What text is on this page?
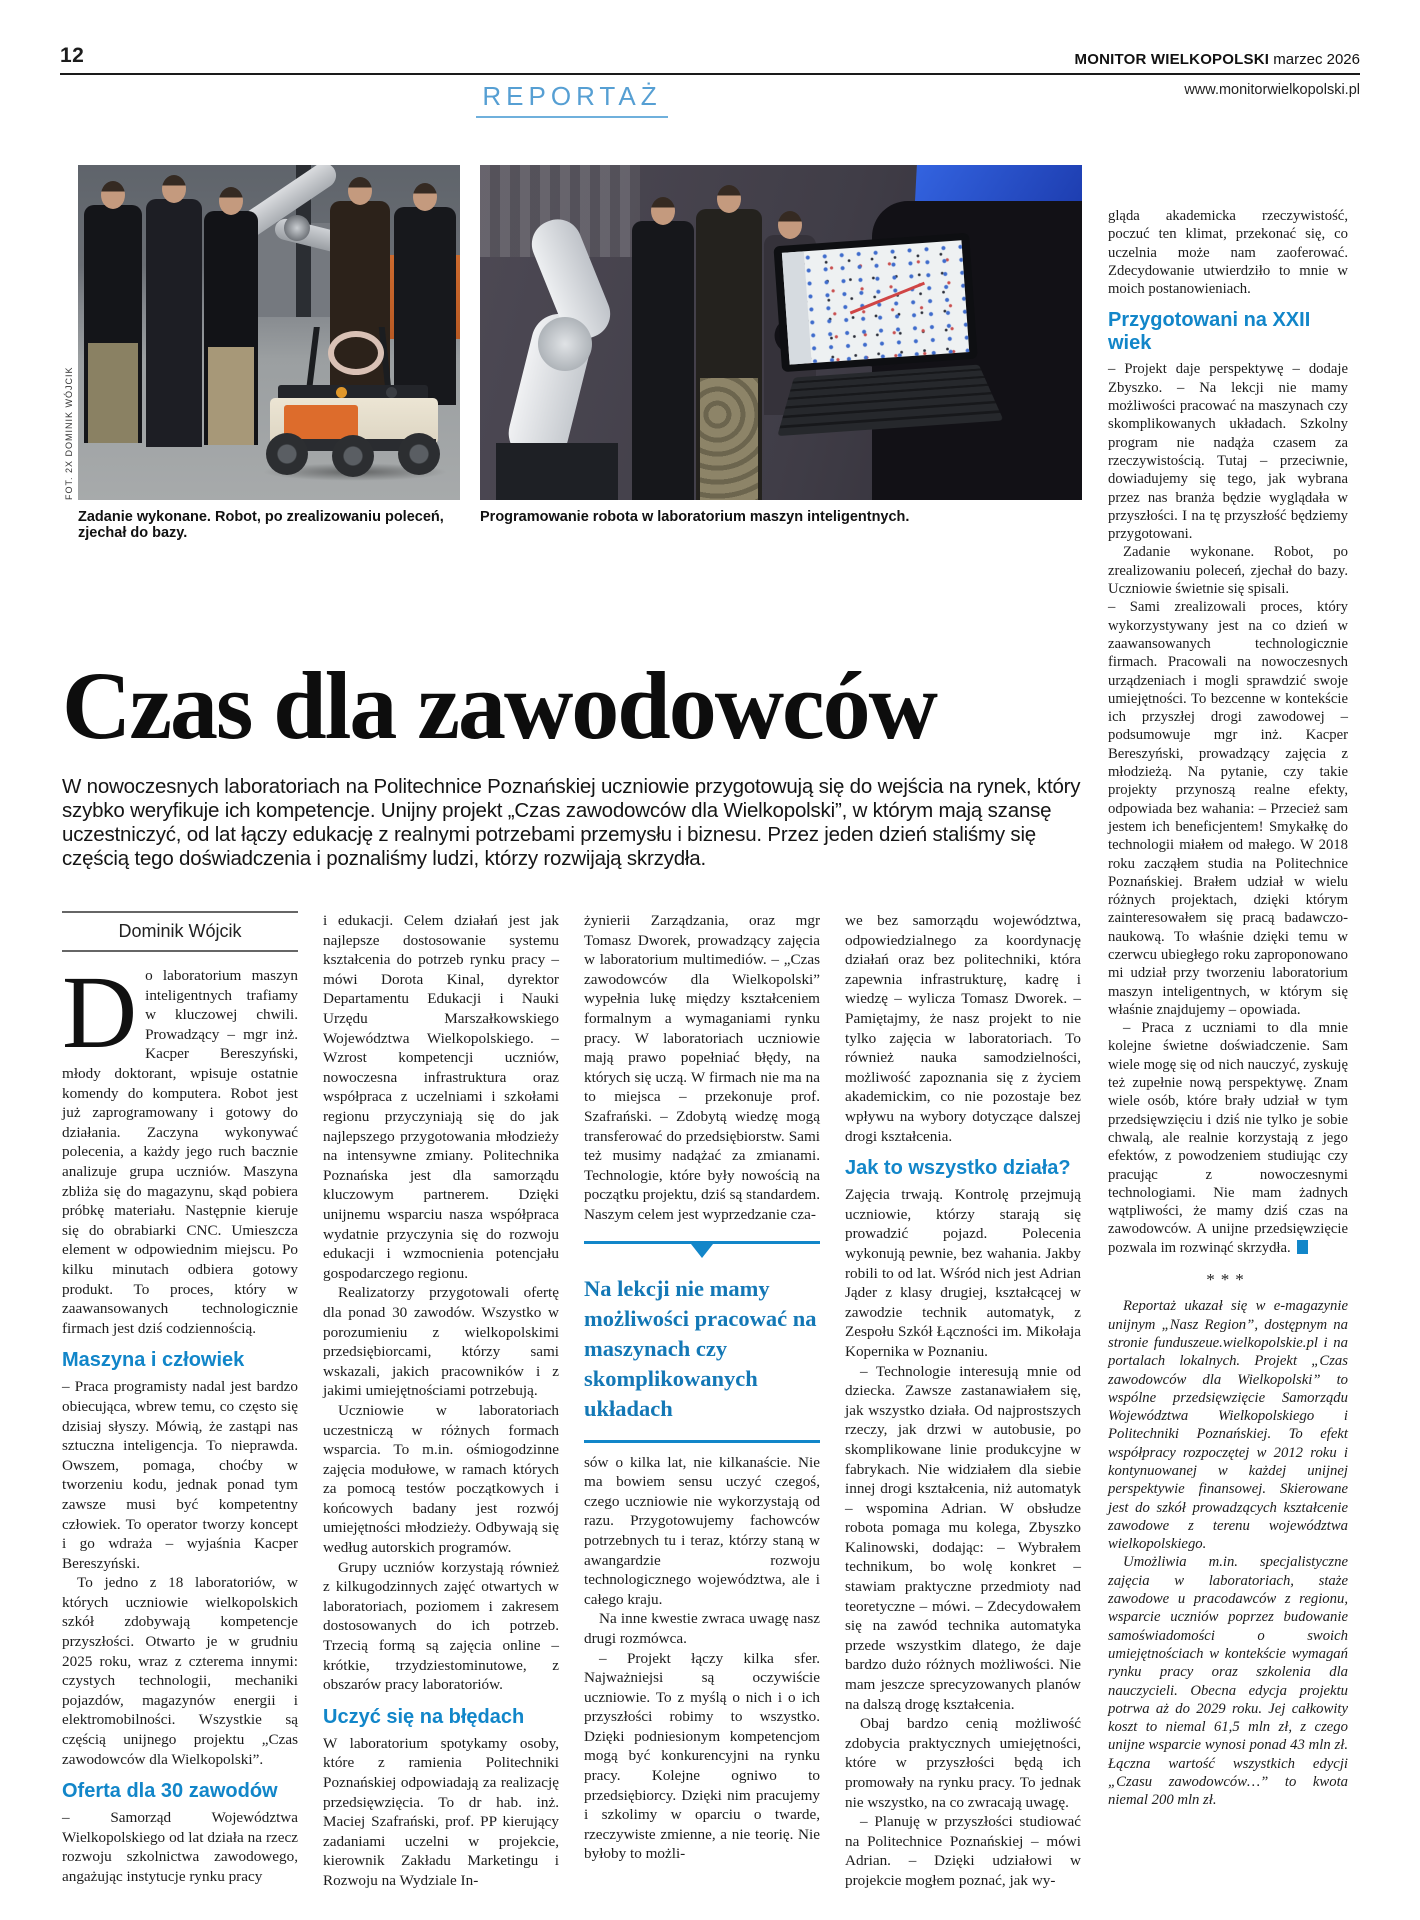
12	MONITOR WIELKOPOLSKI marzec 2026
REPORTAŻ	www.monitorwielkopolski.pl
FOT. 2X DOMINIK WÓJCIK
Zadanie wykonane. Robot, po zrealizowaniu poleceń, zjechał do bazy.
Programowanie robota w laboratorium maszyn inteligentnych.
Czas dla zawodowców

W nowoczesnych laboratoriach na Politechnice Poznańskiej uczniowie przygotowują się do wejścia na rynek, który szybko weryfikuje ich kompetencje. Unijny projekt „Czas zawodowców dla Wielkopolski”, w którym mają szansę uczestniczyć, od lat łączy edukację z realnymi potrzebami przemysłu i biznesu. Przez jeden dzień staliśmy się częścią tego doświadczenia i poznaliśmy ludzi, którzy rozwijają skrzydła.

Dominik Wójcik

Do laboratorium maszyn inteligentnych trafiamy w kluczowej chwili. Prowadzący – mgr inż. Kacper Bereszyński, młody doktorant, wpisuje ostatnie komendy do komputera. Robot jest już zaprogramowany i gotowy do działania. Zaczyna wykonywać polecenia, a każdy jego ruch bacznie analizuje grupa uczniów. Maszyna zbliża się do magazynu, skąd pobiera próbkę materiału. Następnie kieruje się do obrabiarki CNC. Umieszcza element w odpowiednim miejscu. Po kilku minutach odbiera gotowy produkt. To proces, który w zaawansowanych technologicznie firmach jest dziś codziennością.

Maszyna i człowiek

– Praca programisty nadal jest bardzo obiecująca, wbrew temu, co często się dzisiaj słyszy. Mówią, że zastąpi nas sztuczna inteligencja. To nieprawda. Owszem, pomaga, choćby w tworzeniu kodu, jednak ponad tym zawsze musi być kompetentny człowiek. To operator tworzy koncept i go wdraża – wyjaśnia Kacper Bereszyński.

To jedno z 18 laboratoriów, w których uczniowie wielkopolskich szkół zdobywają kompetencje przyszłości. Otwarto je w grudniu 2025 roku, wraz z czterema innymi: czystych technologii, mechaniki pojazdów, magazynów energii i elektromobilności. Wszystkie są częścią unijnego projektu „Czas zawodowców dla Wielkopolski”.

Oferta dla 30 zawodów

– Samorząd Województwa Wielkopolskiego od lat działa na rzecz rozwoju szkolnictwa zawodowego, angażując instytucje rynku pracy

i edukacji. Celem działań jest jak najlepsze dostosowanie systemu kształcenia do potrzeb rynku pracy – mówi Dorota Kinal, dyrektor Departamentu Edukacji i Nauki Urzędu Marszałkowskiego Województwa Wielkopolskiego. – Wzrost kompetencji uczniów, nowoczesna infrastruktura oraz współpraca z uczelniami i szkołami regionu przyczyniają się do jak najlepszego przygotowania młodzieży na intensywne zmiany. Politechnika Poznańska jest dla samorządu kluczowym partnerem. Dzięki unijnemu wsparciu nasza współpraca wydatnie przyczynia się do rozwoju edukacji i wzmocnienia potencjału gospodarczego regionu.

Realizatorzy przygotowali ofertę dla ponad 30 zawodów. Wszystko w porozumieniu z wielkopolskimi przedsiębiorcami, którzy sami wskazali, jakich pracowników i z jakimi umiejętnościami potrzebują.

Uczniowie w laboratoriach uczestniczą w różnych formach wsparcia. To m.in. ośmiogodzinne zajęcia modułowe, w ramach których za pomocą testów początkowych i końcowych badany jest rozwój umiejętności młodzieży. Odbywają się według autorskich programów.

Grupy uczniów korzystają również z kilkugodzinnych zajęć otwartych w laboratoriach, poziomem i zakresem dostosowanych do ich potrzeb. Trzecią formą są zajęcia online – krótkie, trzydziestominutowe, z obszarów pracy laboratoriów.

Uczyć się na błędach

W laboratorium spotykamy osoby, które z ramienia Politechniki Poznańskiej odpowiadają za realizację przedsięwzięcia. To dr hab. inż. Maciej Szafrański, prof. PP kierujący zadaniami uczelni w projekcie, kierownik Zakładu Marketingu i Rozwoju na Wydziale In-

żynierii Zarządzania, oraz mgr Tomasz Dworek, prowadzący zajęcia w laboratorium multimediów. – „Czas zawodowców dla Wielkopolski” wypełnia lukę między kształceniem formalnym a wymaganiami rynku pracy. W laboratoriach uczniowie mają prawo popełniać błędy, na których się uczą. W firmach nie ma na to miejsca – przekonuje prof. Szafrański. – Zdobytą wiedzę mogą transferować do przedsiębiorstw. Sami też musimy nadążać za zmianami. Technologie, które były nowością na początku projektu, dziś są standardem. Naszym celem jest wyprzedzanie cza-

Na lekcji nie mamy możliwości pracować na maszynach czy skomplikowanych układach

sów o kilka lat, nie kilkanaście. Nie ma bowiem sensu uczyć czegoś, czego uczniowie nie wykorzystają od razu. Przygotowujemy fachowców potrzebnych tu i teraz, którzy staną w awangardzie rozwoju technologicznego województwa, ale i całego kraju.

Na inne kwestie zwraca uwagę nasz drugi rozmówca.

– Projekt łączy kilka sfer. Najważniejsi są oczywiście uczniowie. To z myślą o nich i o ich przyszłości robimy to wszystko. Dzięki podniesionym kompetencjom mogą być konkurencyjni na rynku pracy. Kolejne ogniwo to przedsiębiorcy. Dzięki nim pracujemy i szkolimy w oparciu o twarde, rzeczywiste zmienne, a nie teorię. Nie byłoby to możli-

we bez samorządu województwa, odpowiedzialnego za koordynację działań oraz bez politechniki, która zapewnia infrastrukturę, kadrę i wiedzę – wylicza Tomasz Dworek. – Pamiętajmy, że nasz projekt to nie tylko zajęcia w laboratoriach. To również nauka samodzielności, możliwość zapoznania się z życiem akademickim, co nie pozostaje bez wpływu na wybory dotyczące dalszej drogi kształcenia.

Jak to wszystko działa?

Zajęcia trwają. Kontrolę przejmują uczniowie, którzy starają się prowadzić pojazd. Polecenia wykonują pewnie, bez wahania. Jakby robili to od lat. Wśród nich jest Adrian Jąder z klasy drugiej, kształcącej w zawodzie technik automatyk, z Zespołu Szkół Łączności im. Mikołaja Kopernika w Poznaniu.

– Technologie interesują mnie od dziecka. Zawsze zastanawiałem się, jak wszystko działa. Od najprostszych rzeczy, jak drzwi w autobusie, po skomplikowane linie produkcyjne w fabrykach. Nie widziałem dla siebie innej drogi kształcenia, niż automatyk – wspomina Adrian. W obsłudze robota pomaga mu kolega, Zbyszko Kalinowski, dodając: – Wybrałem technikum, bo wolę konkret – stawiam praktyczne przedmioty nad teoretyczne – mówi. – Zdecydowałem się na zawód technika automatyka przede wszystkim dlatego, że daje bardzo dużo różnych możliwości. Nie mam jeszcze sprecyzowanych planów na dalszą drogę kształcenia.

Obaj bardzo cenią możliwość zdobycia praktycznych umiejętności, które w przyszłości będą ich promowały na rynku pracy. To jednak nie wszystko, na co zwracają uwagę.

– Planuję w przyszłości studiować na Politechnice Poznańskiej – mówi Adrian. – Dzięki udziałowi w projekcie mogłem poznać, jak wy-

gląda akademicka rzeczywistość, poczuć ten klimat, przekonać się, co uczelnia może nam zaoferować. Zdecydowanie utwierdziło to mnie w moich postanowieniach.

Przygotowani na XXII wiek

– Projekt daje perspektywę – dodaje Zbyszko. – Na lekcji nie mamy możliwości pracować na maszynach czy skomplikowanych układach. Szkolny program nie nadąża czasem za rzeczywistością. Tutaj – przeciwnie, dowiadujemy się tego, jak wybrana przez nas branża będzie wyglądała w przyszłości. I na tę przyszłość będziemy przygotowani.

Zadanie wykonane. Robot, po zrealizowaniu poleceń, zjechał do bazy. Uczniowie świetnie się spisali.

– Sami zrealizowali proces, który wykorzystywany jest na co dzień w zaawansowanych technologicznie firmach. Pracowali na nowoczesnych urządzeniach i mogli sprawdzić swoje umiejętności. To bezcenne w kontekście ich przyszłej drogi zawodowej – podsumowuje mgr inż. Kacper Bereszyński, prowadzący zajęcia z młodzieżą. Na pytanie, czy takie projekty przynoszą realne efekty, odpowiada bez wahania: – Przecież sam jestem ich beneficjentem! Smykałkę do technologii miałem od małego. W 2018 roku zacząłem studia na Politechnice Poznańskiej. Brałem udział w wielu różnych projektach, dzięki którym zainteresowałem się pracą badawczo-naukową. To właśnie dzięki temu w czerwcu ubiegłego roku zaproponowano mi udział przy tworzeniu laboratorium maszyn inteligentnych, w którym się właśnie znajdujemy – opowiada.

– Praca z uczniami to dla mnie kolejne świetne doświadczenie. Sam wiele mogę się od nich nauczyć, zyskuję też zupełnie nową perspektywę. Znam wiele osób, które brały udział w tym przedsięwzięciu i dziś nie tylko je sobie chwalą, ale realnie korzystają z jego efektów, z powodzeniem studiując czy pracując z nowoczesnymi technologiami. Nie mam żadnych wątpliwości, że mamy dziś czas na zawodowców. A unijne przedsięwzięcie pozwala im rozwinąć skrzydła.

***

Reportaż ukazał się w e-magazynie unijnym „Nasz Region”, dostępnym na stronie funduszeue.wielkopolskie.pl i na portalach lokalnych. Projekt „Czas zawodowców dla Wielkopolski” to wspólne przedsięwzięcie Samorządu Województwa Wielkopolskiego i Politechniki Poznańskiej. To efekt współpracy rozpoczętej w 2012 roku i kontynuowanej w każdej unijnej perspektywie finansowej. Skierowane jest do szkół prowadzących kształcenie zawodowe z terenu województwa wielkopolskiego.

Umożliwia m.in. specjalistyczne zajęcia w laboratoriach, staże zawodowe u pracodawców z regionu, wsparcie uczniów poprzez budowanie samoświadomości o swoich umiejętnościach w kontekście wymagań rynku pracy oraz szkolenia dla nauczycieli. Obecna edycja projektu potrwa aż do 2029 roku. Jej całkowity koszt to niemal 61,5 mln zł, z czego unijne wsparcie wynosi ponad 43 mln zł. Łączna wartość wszystkich edycji „Czasu zawodowców…” to kwota niemal 200 mln zł.
